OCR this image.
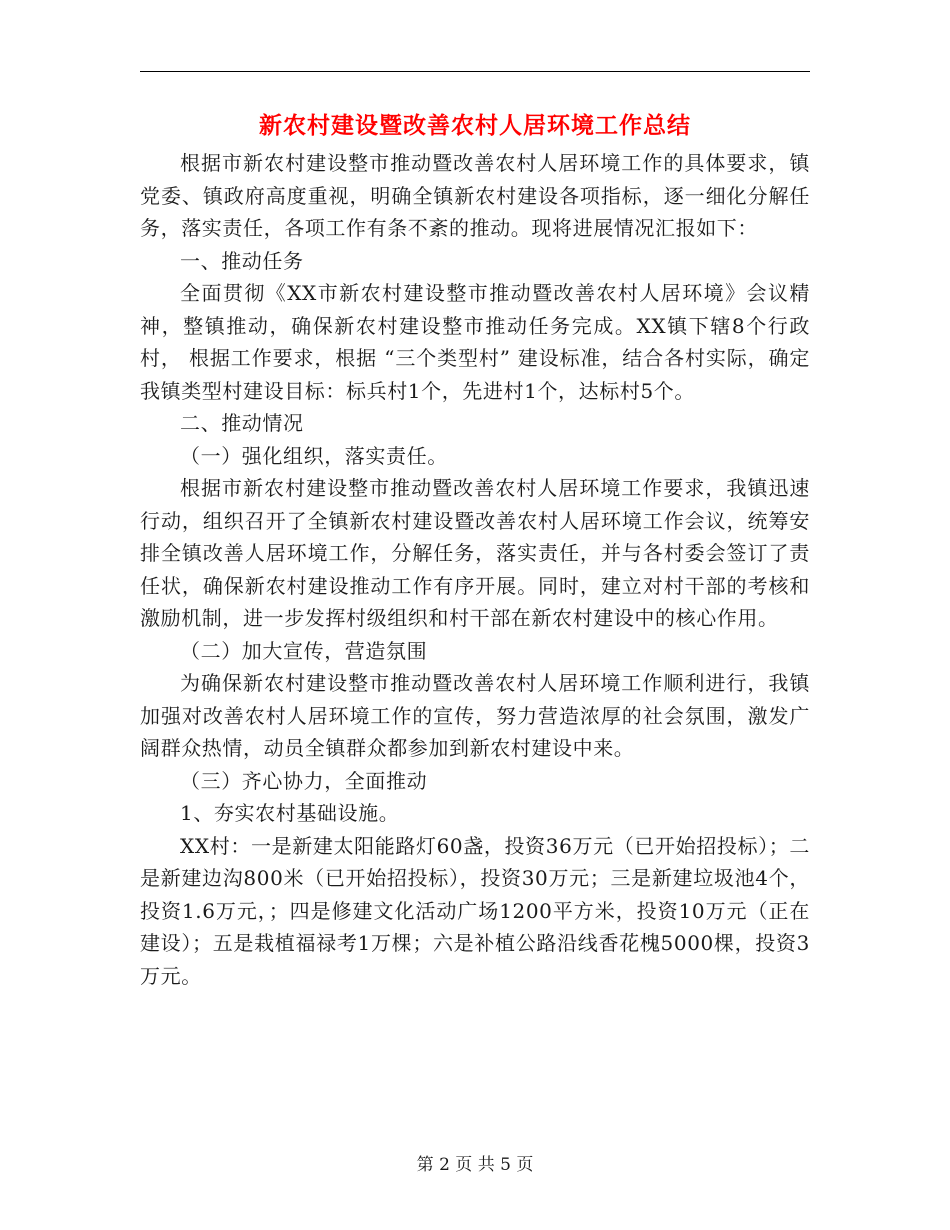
新农村建设暨改善农村人居环境工作总结

根据市新农村建设整市推动暨改善农村人居环境工作的具体要求，镇党委、镇政府高度重视，明确全镇新农村建设各项指标，逐一细化分解任务，落实责任，各项工作有条不紊的推动。现将进展情况汇报如下：

一、推动任务

全面贯彻《XX市新农村建设整市推动暨改善农村人居环境》会议精神，整镇推动，确保新农村建设整市推动任务完成。XX镇下辖8个行政村， 根据工作要求，根据 “三个类型村” 建设标准，结合各村实际，确定我镇类型村建设目标：标兵村1个，先进村1个，达标村5个。

二、推动情况

（一）强化组织，落实责任。

根据市新农村建设整市推动暨改善农村人居环境工作要求，我镇迅速行动，组织召开了全镇新农村建设暨改善农村人居环境工作会议，统筹安排全镇改善人居环境工作，分解任务，落实责任，并与各村委会签订了责任状，确保新农村建设推动工作有序开展。同时，建立对村干部的考核和激励机制，进一步发挥村级组织和村干部在新农村建设中的核心作用。

（二）加大宣传，营造氛围

为确保新农村建设整市推动暨改善农村人居环境工作顺利进行，我镇加强对改善农村人居环境工作的宣传，努力营造浓厚的社会氛围，激发广阔群众热情，动员全镇群众都参加到新农村建设中来。

（三）齐心协力，全面推动

1、夯实农村基础设施。

XX村：一是新建太阳能路灯60盏，投资36万元（已开始招投标）；二是新建边沟800米（已开始招投标），投资30万元；三是新建垃圾池4个，投资1.6万元，；四是修建文化活动广场1200平方米，投资10万元（正在建设）；五是栽植福禄考1万棵；六是补植公路沿线香花槐5000棵，投资3万元。

第 2 页 共 5 页
